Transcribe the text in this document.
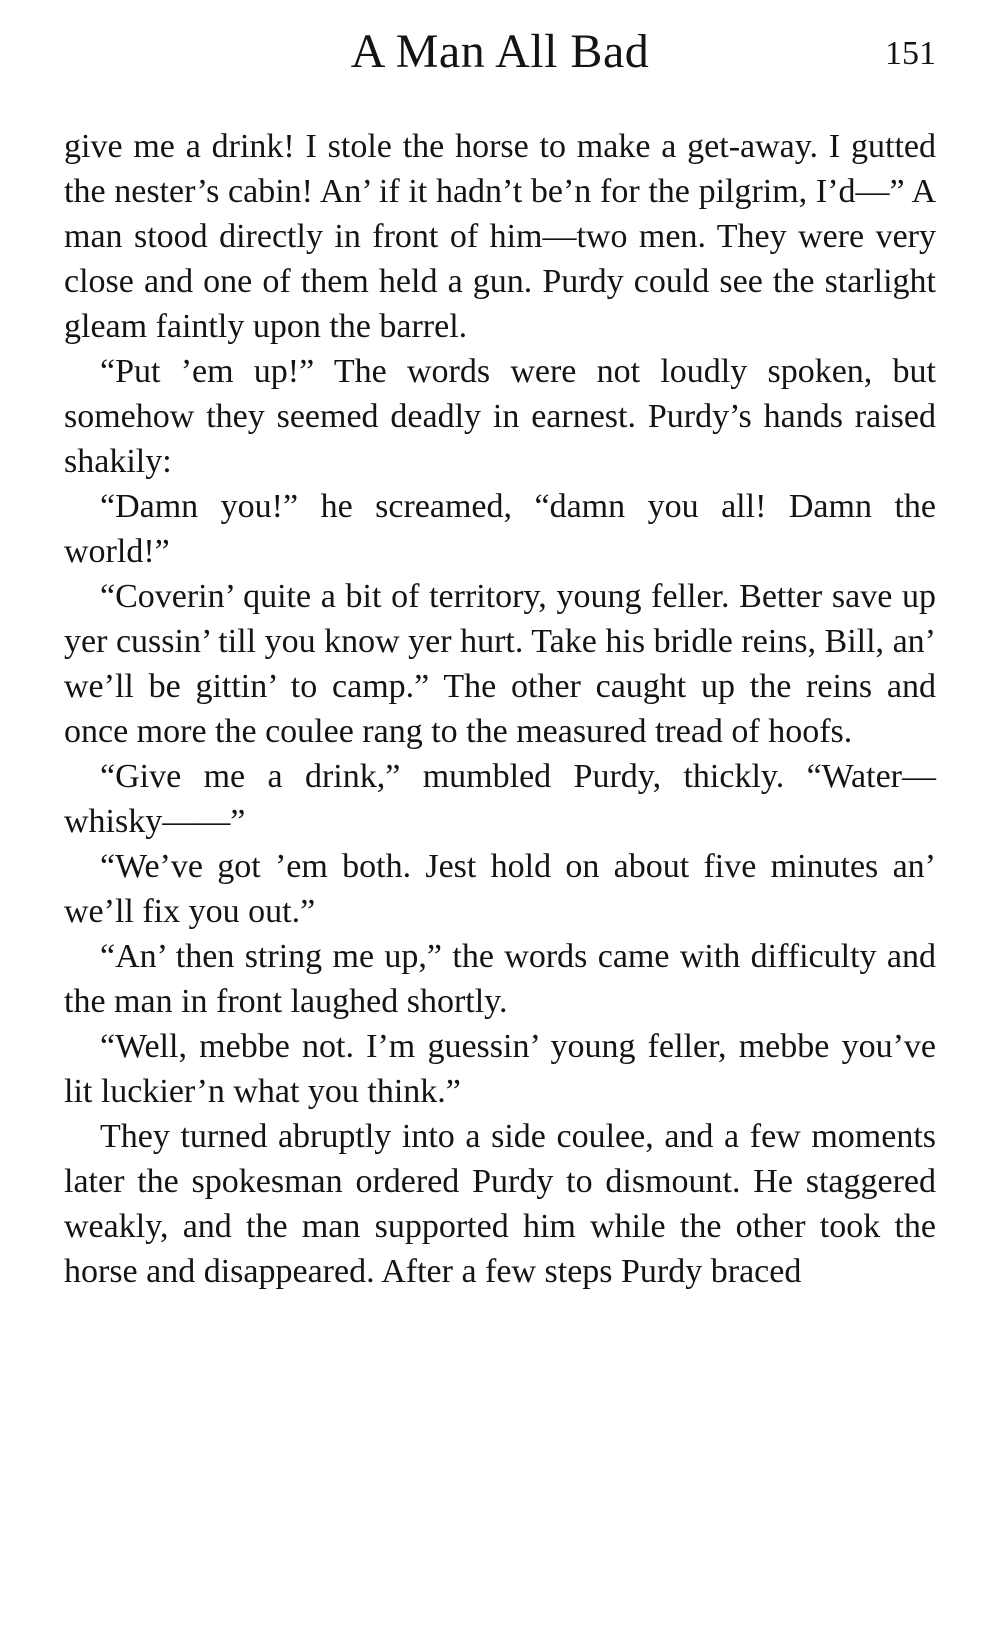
A Man All Bad	151

give me a drink! I stole the horse to make a get-away. I gutted the nester’s cabin! An’ if it hadn’t be’n for the pilgrim, I’d—” A man stood directly in front of him—two men. They were very close and one of them held a gun. Purdy could see the starlight gleam faintly upon the barrel.

“Put ’em up!” The words were not loudly spoken, but somehow they seemed deadly in earnest. Purdy’s hands raised shakily:

“Damn you!” he screamed, “damn you all! Damn the world!”

“Coverin’ quite a bit of territory, young feller. Better save up yer cussin’ till you know yer hurt. Take his bridle reins, Bill, an’ we’ll be gittin’ to camp.” The other caught up the reins and once more the coulee rang to the measured tread of hoofs.

“Give me a drink,” mumbled Purdy, thickly. “Water—whisky——”

“We’ve got ’em both. Jest hold on about five minutes an’ we’ll fix you out.”

“An’ then string me up,” the words came with difficulty and the man in front laughed shortly.

“Well, mebbe not. I’m guessin’ young feller, mebbe you’ve lit luckier’n what you think.”

They turned abruptly into a side coulee, and a few moments later the spokesman ordered Purdy to dismount. He staggered weakly, and the man supported him while the other took the horse and disappeared. After a few steps Purdy braced
